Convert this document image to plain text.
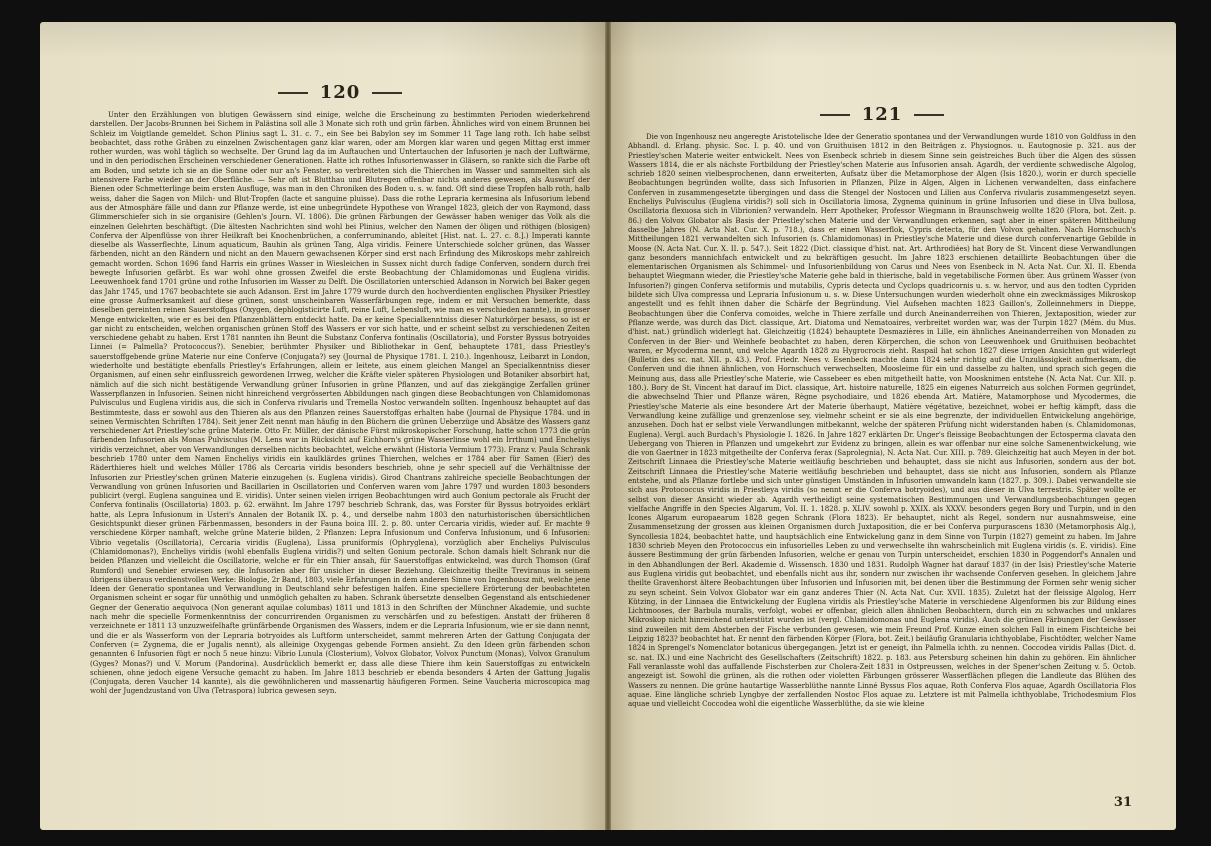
120

Unter den Erzählungen von blutigen Gewässern sind einige, welche die Erscheinung zu bestimmten Perioden wiederkehrend darstellen. Der Jacobs-Brunnen bei Sichem in Palästina soll alle 3 Monate sich roth und grün färben. Ähnliches wird von einem Brunnen bei Schleiz im Voigtlande gemeldet. Schon Plinius sagt L. 31. c. 7., ein See bei Babylon sey im Sommer 11 Tage lang roth. Ich habe selbst beobachtet, dass rothe Gräben zu einzelnen Zwischentagen ganz klar waren, oder am Morgen klar waren und gegen Mittag erst immer rother wurden, was wohl täglich so wechselte. Der Grund lag da im Auftauchen und Untertauchen der Infusorien je nach der Luftwärme, und in den periodischen Erscheinen verschiedener Generationen. Hatte ich rothes Infusorienwasser in Gläsern, so rankte sich die Farbe oft am Boden, und setzte ich sie an die Sonne oder nur an's Fenster, so verbreiteten sich die Thierchen im Wasser und sammelten sich als intensivere Farbe wieder an der Oberfläche. — Sehr oft ist Blutthau und Blutregen offenbar nichts anderes gewesen, als Auswurf der Bienen oder Schmetterlinge beim ersten Ausfluge, was man in den Chroniken des Boden u. s. w. fand. Oft sind diese Tropfen halb roth, halb weiss, daher die Sagen von Milch- und Blut-Tropfen (lacte et sanguine pluisse). Dass die rothe Lepraria kermesina als Infusorium lebend aus der Atmosphäre fälle und dann zur Pflanze werde, ist eine unbegründete Hypothese von Wrangel 1823, gleich der von Raymond, dass Glimmerschiefer sich in sie organisire (Gehlen's Journ. VI. 1806). Die grünen Färbungen der Gewässer haben weniger das Volk als die einzelnen Gelehrten beschäftigt. (Die ältesten Nachrichten sind wohl bei Plinius, welcher den Namen der öligen und röthigen (blosigen) Conferva der Alpenflüsse von ihrer Heilkraft bei Knochenbrüchen, a conferruminando, ableitet [Hist. nat. L. 27. c. 8.].) Imperati kannte dieselbe als Wasserflechte, Linum aquaticum, Bauhin als grünen Tang, Alga viridis. Feinere Unterschiede solcher grünen, das Wasser färbenden, nicht an den Rändern und nicht an den Mauern gewachsenen Körper sind erst nach Erfindung des Mikroskops mehr zahlreich gemacht worden. Schon 1696 fand Harris ein grünes Wasser in Wiesleichen in Sussex nicht durch fadige Conferven, sondern durch frei bewegte Infusorien gefärbt. Es war wohl ohne grossen Zweifel die erste Beobachtung der Chlamidomonas und Euglena viridis. Leeuwenhoek fand 1701 grüne und rothe Infusorien im Wasser zu Delft. Die Oscillatorien unterschied Adanson in Norwich bei Baker gegen das Jahr 1745, und 1767 beobachtete sie auch Adanson. Erst im Jahre 1779 wurde durch den hochverdienten englischen Physiker Priestley eine grosse Aufmerksamkeit auf diese grünen, sonst unscheinbaren Wasserfärbungen rege, indem er mit Versuchen bemerkte, dass dieselben gereinten reinen Sauerstoffgas (Oxygen, dephlogisticirte Luft, reine Luft, Lebensluft, wie man es verschieden nannte), in grosser Menge entwickelten, wie er es bei den Pflanzenblättern entdeckt hatte. Da er keine Specialkenntniss dieser Naturkörper besass, so ist er gar nicht zu entscheiden, welchen organischen grünen Stoff des Wassers er vor sich hatte, und er scheint selbst zu verschiedenen Zeiten verschiedene gehabt zu haben. Erst 1781 nannten ihn Beunt die Substanz Conferva fontinalis (Oscillatoria), und Forster Byssus botryoides Linnei (= Palmella? Protococcus?). Senebier, berühmter Physiker und Bibliothekar in Genf, behauptete 1781, dass Priestley's sauerstoffgebende grüne Materie nur eine Conferve (Conjugata?) sey (Journal de Physique 1781. I. 210.). Ingenhousz, Leibarzt in London, wiederholte und bestätigte ebenfalls Priestley's Erfahrungen, allein er leitete, aus einem gleichen Mangel an Specialkenntniss dieser Organismen, auf einen sehr einflussreich gewordenen Irrweg, welcher die Kräfte vieler späteren Physiologen und Botaniker absorbirt hat, nämlich auf die sich nicht bestätigende Verwandlung grüner Infusorien in grüne Pflanzen, und auf das ziekgängige Zerfallen grüner Wasserpflanzen in Infusorien. Seinen nicht hinreichend vergrösserten Abbildungen nach gingen diese Beobachtungen von Chlamidomonas Pulvisculus und Euglena viridis aus, die sich in Conferva rivularis und Tremella Nostoc verwandeln sollten. Ingenhousz behauptet auf das Bestimmteste, dass er sowohl aus den Thieren als aus den Pflanzen reines Sauerstoffgas erhalten habe (Journal de Physique 1784. und in seinen Vermischten Schriften 1784). Seit jener Zeit nennt man häufig in den Büchern die grünen Ueberzüge und Absätze des Wassers ganz verschiedener Art Priestley'sche grüne Materie. Otto Fr. Müller, der dänische Fürst mikroskopischer Forschung, hatte schon 1773 die grün färbenden Infusorien als Monas Pulvisculus (M. Lens war in Rücksicht auf Eichhorn's grüne Wasserlinse wohl ein Irrthum) und Encheliys viridis verzeichnet, aber von Verwandlungen derselben nichts beobachtet, welche erwähnt (Historia Vermium 1773). Franz v. Paula Schrank beschrieb 1780 unter dem Namen Encheliys viridis ein kaulklärdes grünes Thierchen, welches er 1784 aber für Samen (Eier) des Räderthieres hielt und welches Müller 1786 als Cercaria viridis besonders beschrieb, ohne je sehr speciell auf die Verhältnisse der Infusorien zur Priestley'schen grünen Materie einzugehen (s. Euglena viridis). Girod Chantrans zahlreiche specielle Beobachtungen der Verwandlung von grünen Infusorien und Bacillarien in Oscillatorien und Conferven waren vom Jahre 1797 und wurden 1803 besonders publicirt (vergl. Euglena sanguinea und E. viridis). Unter seinen vielen irrigen Beobachtungen wird auch Gonium pectorale als Frucht der Conferva fontinalis (Oscillatoria) 1803. p. 62. erwähnt. Im Jahre 1797 beschrieb Schrank, das, was Forster für Byssus botryoides erklärt hatte, als Lepra Infusionum in Usteri's Annalen der Botanik IX. p. 4., und derselbe nahm 1803 den naturhistorischen übersichtlichen Gesichtspunkt dieser grünen Färbenmassen, besonders in der Fauna boica III. 2. p. 80. unter Cercaria viridis, wieder auf. Er machte 9 verschiedene Körper namhaft, welche grüne Materie bilden, 2 Pflanzen: Lepra Infusionum und Conferva Infusionum, und 6 Infusorien: Vibrio vegetalis (Oscillatoria), Cercaria viridis (Euglena), Lissa pruniformis (Ophryglena), vorzüglich aber Encheliys Pulvisculus (Chlamidomonas?), Encheliys viridis (wohl ebenfalls Euglena viridis?) und selten Gonium pectorale. Schon damals hielt Schrank nur die beiden Pflanzen und vielleicht die Oscillatorie, welche er für ein Thier ansah, für Sauerstoffgas entwickelnd, was durch Thomson (Graf Rumford) und Senebier erwiesen sey, die Infusorien aber für unsicher in dieser Beziehung. Gleichzeitig theilte Treviranus in seinem übrigens überaus verdienstvollen Werke: Biologie, 2r Band, 1803, viele Erfahrungen in dem anderen Sinne von Ingenhousz mit, welche jene Ideen der Generatio spontanea und Verwandlung in Deutschland sehr befestigen halfen. Eine speciellere Erörterung der beobachteten Organismen scheint er sogar für unnöthig und unmöglich gehalten zu haben. Schrank übersetzte denselben Gegenstand als entschiedener Gegner der Generatio aequivoca (Non generant aquilae columbas) 1811 und 1813 in den Schriften der Münchner Akademie, und suchte nach mehr die specielle Formenkenntniss der concurrirenden Organismen zu verschärfen und zu befestigen. Anstatt der früheren 8 verzeichnete er 1811 13 unzuzweifelhafte grünfärbende Organismen des Wassers, indem er die Lepraria Infusionum, wie er sie dann nennt, und die er als Wasserform von der Lepraria botryoides als Luftform unterscheidet, sammt mehreren Arten der Gattung Conjugata der Conferven (= Zygnema, die er Jugalis nennt), als alleinige Oxygengas gebende Formen ansieht. Zu den Ideen grün färbenden schon genannten 6 Infusorien fügt er noch 5 neue hinzu: Vibrio Lunula (Closterium), Volvox Globator, Volvox Punctum (Monas), Volvox Granulum (Gyges? Monas?) und V. Morum (Pandorina). Ausdrücklich bemerkt er, dass alle diese Thiere ihm kein Sauerstoffgas zu entwickeln schienen, ohne jedoch eigene Versuche gemacht zu haben. Im Jahre 1813 beschrieb er ebenda besonders 4 Arten der Gattung Jugalis (Conjugata, deren Vaucher 14 kannte), als die gewöhnlicheren und massenartig häufigeren Formen. Seine Vaucheria microscopica mag wohl der Jugendzustand von Ulva (Tetraspora) lubrica gewesen seyn.

121

Die von Ingenhousz neu angeregte Aristotelische Idee der Generatio spontanea und der Verwandlungen wurde 1810 von Goldfuss in den Abhandl. d. Erlang. physic. Soc. I. p. 40. und von Gruithuisen 1812 in den Beiträgen z. Physiognos. u. Eautognosie p. 321. aus der Priestley'schen Materie weiter entwickelt. Nees von Esenbeck schrieb in diesem Sinne sein geistreiches Buch über die Algen des süssen Wassers 1814, die er als nächste Fortbildung der Priestley'schen Materie aus Infusorien ansah. Agardh, der verdiente schwedische Algolog, schrieb 1820 seinen vielbesprochenen, dann erweiterten, Aufsatz über die Metamorphose der Algen (Isis 1820.), worin er durch specielle Beobachtungen begründen wollte, dass sich Infusorien in Pflanzen, Pilze in Algen, Algen in Lichenen verwandelten, dass einfachere Conferven in zusammengesetzte übergingen und dass die Stengel der Nostocen und Lilien aus Conferva rivularis zusammengesetzt seyen. Encheliys Pulvisculus (Euglena viridis?) soll sich in Oscillatoria limosa, Zygnema quininum in grüne Infusorien und diese in Ulva bullosa, Oscillatoria flexuosa sich in Vibrionien? verwandeln. Herr Apotheker, Professor Wiegmann in Braunschweig wollte 1820 (Flora, bot. Zeit. p. 86.) den Volvox Globator als Basis der Priestley'schen Materie und der Verwandlungen erkennen, sagt aber in einer späteren Mittheilung dasselbe Jahres (N. Acta Nat. Cur. X. p. 718.), dass er einen Wasserflok, Cypris detecta, für den Volvox gehalten. Nach Hornschuch's Mittheilungen 1821 verwandelten sich Infusorien (s. Chlamidomonas) in Priestley'sche Materie und diese durch confervenartige Gebilde in Moose (N. Acta Nat. Cur. X. II. p. 547.). Seit 1822 (Dict. classique d'hist. nat. Art. Arthrodiées) hat Bory de St. Vincent diese Verwandlungen ganz besonders mannichfach entwickelt und zu bekräftigen gesucht. Im Jahre 1823 erschienen detaillirte Beobachtungen über die elementarischen Organismen als Schimmel- und Infusorienbildung von Carus und Nees von Esenbeck in N. Acta Nat. Cur. XI. II. Ebenda behauptet Wiegmann wieder, die Priestley'sche Materie gehe bald in thierische, bald in vegetabilische Formen über. Aus grünem Wasser (von Infusorien?) gingen Conferva setiformis und mutabilis, Cypris detecta und Cyclops quadricornis u. s. w. hervor, und aus den todten Cypriden bildete sich Ulva compressa und Lepraria Infusionum u. s. w. Diese Untersuchungen wurden wiederholt ohne ein zweckmässiges Mikroskop angestellt und es fehlt ihnen daher die Schärfe der Begründung. Viel Aufsehen machten 1823 Gaillon's, Zolleinnehmers in Dieppe, Beobachtungen über die Conferva comoides, welche in Thiere zerfalle und durch Aneinanderreihen von Thieren, Jextaposition, wieder zur Pflanze werde, was durch das Dict. classique, Art. Diatoma und Nematoaires, verbreitet worden war, was der Turpin 1827 (Mém. du Mus. d'hist. nat.) gründlich widerlegt hat. Gleichzeitig (1824) behauptete Desmazières in Lille, ein ähnliches Aneinanderreihen von Monaden zu Conferven in der Bier- und Weinhefe beobachtet zu haben, deren Körperchen, die schon von Leeuwenhoek und Gruithuisen beobachtet waren, er Mycoderma nennt, und welche Agardh 1828 zu Hygrocrocis zieht. Raspail hat schon 1827 diese irrigen Ansichten gut widerlegt (Bulletin des sc. nat. XII. p. 43.). Prof. Friedr. Nees v. Esenbeck machte dann 1824 sehr richtig auf die Unzulässigkeit aufmerksam, die Conferven und die ihnen ähnlichen, von Hornschuch verwechselten, Moosleime für ein und dasselbe zu halten, und sprach sich gegen die Meinung aus, dass alle Priestley'sche Materie, wie Cassebeer es eben mitgetheilt hatte, von Moosknimen entstehe (N. Acta Nat. Cur. XII. p. 180.). Bory de St. Vincent hat darauf im Dict. classique, Art. histoire naturelle, 1825 ein eigenes Naturreich aus solchen Formen gegründet, die abwechselnd Thier und Pflanze wären, Règne psychodiaire, und 1826 ebenda Art. Matière, Matamorphose und Mycodermes, die Priestley'sche Materie als eine besondere Art der Materie überhaupt, Matière végétative, bezeichnet, wobei er heftig kämpft, dass die Verwandlung keine zufällige und grenzenlose sey, vielmehr scheint er sie als eine begrenzte, der individuellen Entwickelung angehörige, anzusehen. Doch hat er selbst viele Verwandlungen mitbekannt, welche der späteren Prüfung nicht widerstanden haben (s. Chlamidomonas, Euglena). Vergl. auch Burdach's Physiologie I. 1826. In Jahre 1827 erklärten Dr. Unger's fleissige Beobachtungen der Ectosperma clavata den Uebergang von Thieren in Pflanzen und umgekehrt zur Evidenz zu bringen, allein es war offenbar nur eine solche Samenentwickelung, wie die von Gaertner in 1823 mitgetheilte der Conferva ferax (Saprolegnia), N. Acta Nat. Cur. XIII. p. 789. Gleichzeitig hat auch Meyen in der bot. Zeitschrift Linnaea die Priestley'sche Materie weitläufig beschrieben und behauptet, dass sie nicht aus Infusorien, sondern aus der bot. Zeitschrift Linnaea die Priestley'sche Materie weitläufig beschrieben und behauptet, dass sie nicht aus Infusorien, sondern als Pflanze entstehe, und als Pflanze fortlebe und sich unter günstigen Umständen in Infusorien umwandeln kann (1827. p. 309.). Dabei verwandelte sie sich aus Protococcus viridis in Priestleya viridis (so nennt er die Conferva botryoides), und aus dieser in Ulva terrestris. Später wollte er selbst von dieser Ansicht wieder ab. Agardh vertheidigt seine systematischen Bestimmungen und Verwandlungsbeobachtungen gegen vielfache Angriffe in den Species Algarum, Vol. II. 1. 1828. p. XLIV. sowohl p. XXIX. als XXXV. besonders gegen Bory und Turpin, und in den Icones Algarum europaearum 1828 gegen Schrank (Flora 1823). Er behauptet, nicht als Regel, sondern nur ausnahmsweise, eine Zusammensetzung der grossen aus kleinen Organismen durch Juxtaposition, die er bei Conferva purpurascens 1830 (Metamorphosis Alg.), Syncollesia 1824, beobachtet hatte, und hauptsächlich eine Entwickelung ganz in dem Sinne von Turpin (1827) gemeint zu haben. Im Jahre 1830 schrieb Meyen den Protococcus ein infusorielles Leben zu und verwechselte ihn wahrscheinlich mit Euglena viridis (s. E. viridis). Eine äussere Bestimmung der grün färbenden Infusorien, welche er genau von Turpin unterscheidet, erschien 1830 in Poggendorf's Annalen und in den Abhandlungen der Berl. Akademie d. Wissensch. 1830 und 1831. Rudolph Wagner hat darauf 1837 (in der Isis) Priestley'sche Materie aus Euglena viridis gut beobachtet, und ebenfalls nicht aus ihr, sondern nur zwischen ihr wachsende Conferven gesehen. In gleichem Jahre theilte Gravenhorst ältere Beobachtungen über Infusorien und Infusorien mit, bei denen über die Bestimmung der Formen sehr wenig sicher zu seyn scheint. Sein Volvox Globator war ein ganz anderes Thier (N. Acta Nat. Cur. XVII. 1835). Zuletzt hat der fleissige Algolog, Herr Kützing, in der Linnaea die Entwickelung der Euglena viridis als Priestley'sche Materie in verschiedene Algenformen bis zur Bildung eines Lichtmooses, der Barbula muralis, verfolgt, wobei er offenbar, gleich allen ähnlichen Beobachtern, durch ein zu schwaches und unklares Mikroskop nicht hinreichend unterstützt wurden ist (vergl. Chlamidomonas und Euglena viridis). Auch die grünen Färbungen der Gewässer sind zuweilen mit dem Absterben der Fische verbunden gewesen, wie mein Freund Prof. Kunze einen solchen Fall in einem Fischteiche bei Leipzig 1823? beobachtet hat. Er nennt den färbenden Körper (Flora, bot. Zeit.) beiläufig Granularia ichthyoblabe, Fischtödter, welcher Name 1824 in Sprengel's Nomenclator botanicus übergegangen. Jetzt ist er geneigt, ihn Palmella ichth. zu nennen. Coccodea viridis Pallas (Dict. d. sc. nat. IX.) und eine Nachricht des Gesellschafters (Zeitschrift) 1822. p. 183. aus Petersburg scheinen hin dahin zu gehören. Ein ähnlicher Fall veranlasste wohl das auffallende Fischsterben zur Cholera-Zeit 1831 in Ostpreussen, welches in der Spener'schen Zeitung v. 5. Octob. angezeigt ist. Sowohl die grünen, als die rothen oder violetten Färbungen grösserer Wasserflächen pflegen die Landleute das Blühen des Wassers zu nennen. Die grüne hautartige Wasserblüthe nannte Linné Byssus Flos aquae, Roth Conferva Flos aquae, Agardh Oscillatoria Flos aquae. Eine längliche schrieb Lyngbye der zerfallenden Nostoc Flos aquae zu. Letztere ist mit Palmella ichthyoblabe, Trichodesmium Flos aquae und vielleicht Coccodea wohl die eigentliche Wasserblüthe, da sie wie kleine

31
